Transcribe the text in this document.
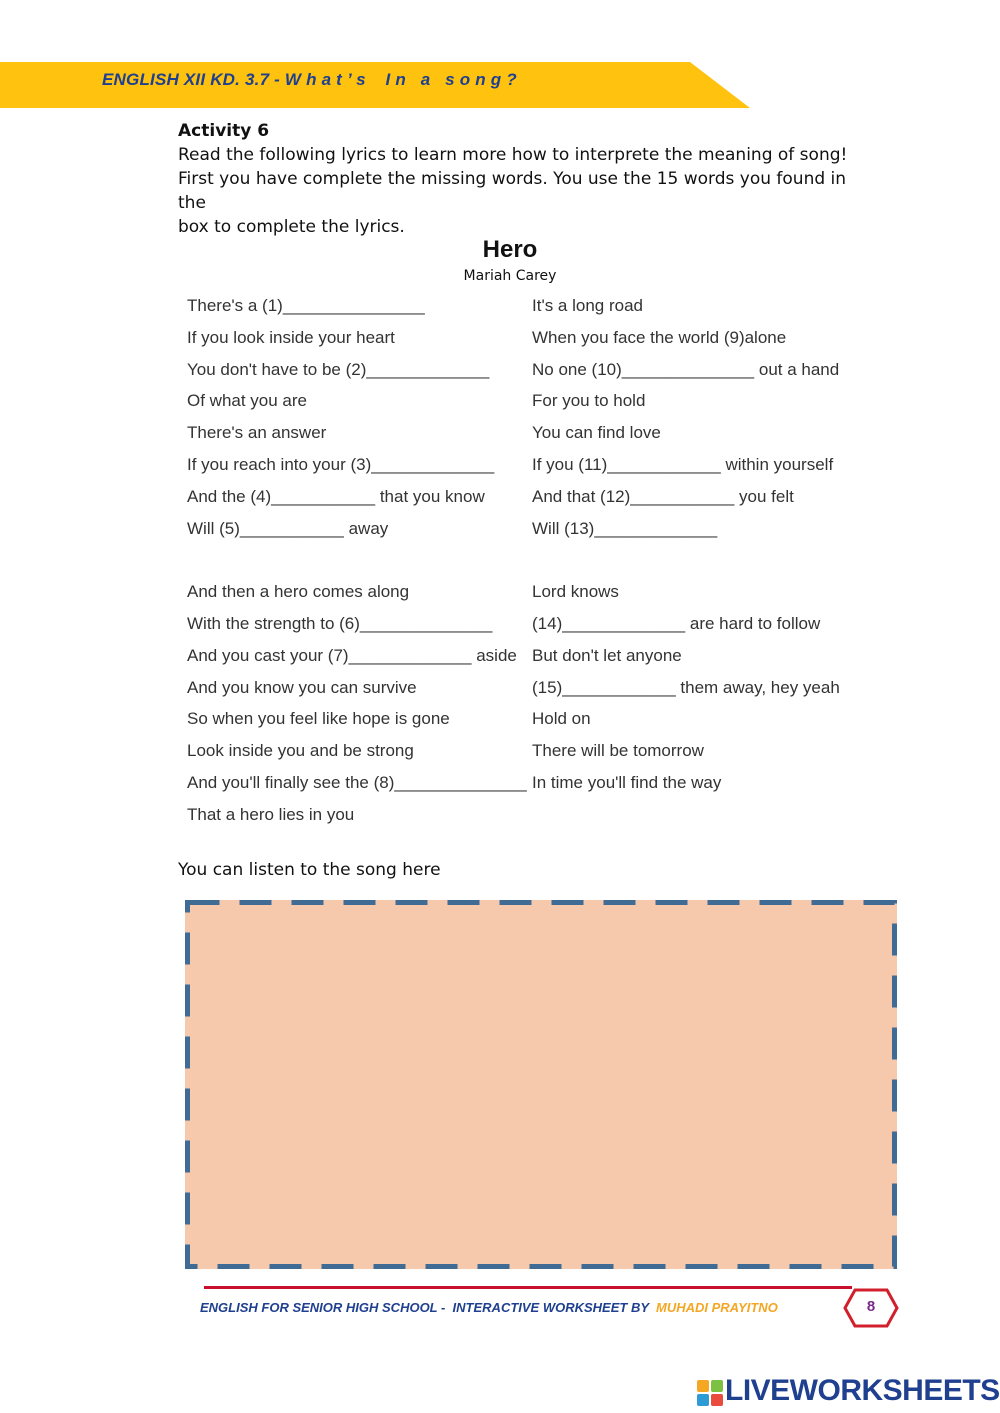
ENGLISH XII KD. 3.7 - W h a t ’ s    I n   a   s o n g ?
Activity 6
Read the following lyrics to learn more how to interprete the meaning of song!
First you have complete the missing words. You use the 15 words you found in the
box to complete the lyrics.
Hero
Mariah Carey
There's a (1)_______________
If you look inside your heart
You don't have to be (2)_____________
Of what you are
There's an answer
If you reach into your (3)_____________
And the (4)___________ that you know
Will (5)___________ away
And then a hero comes along
With the strength to (6)______________
And you cast your (7)_____________ aside
And you know you can survive
So when you feel like hope is gone
Look inside you and be strong
And you'll finally see the (8)______________
That a hero lies in you
It's a long road
When you face the world (9)alone
No one (10)______________ out a hand
For you to hold
You can find love
If you (11)____________ within yourself
And that (12)___________ you felt
Will (13)_____________
Lord knows
(14)_____________ are hard to follow
But don't let anyone
(15)____________ them away, hey yeah
Hold on
There will be tomorrow
In time you'll find the way
You can listen to the song here
ENGLISH FOR SENIOR HIGH SCHOOL -  INTERACTIVE WORKSHEET BY  MUHADI PRAYITNO	8
LIVEWORKSHEETS
